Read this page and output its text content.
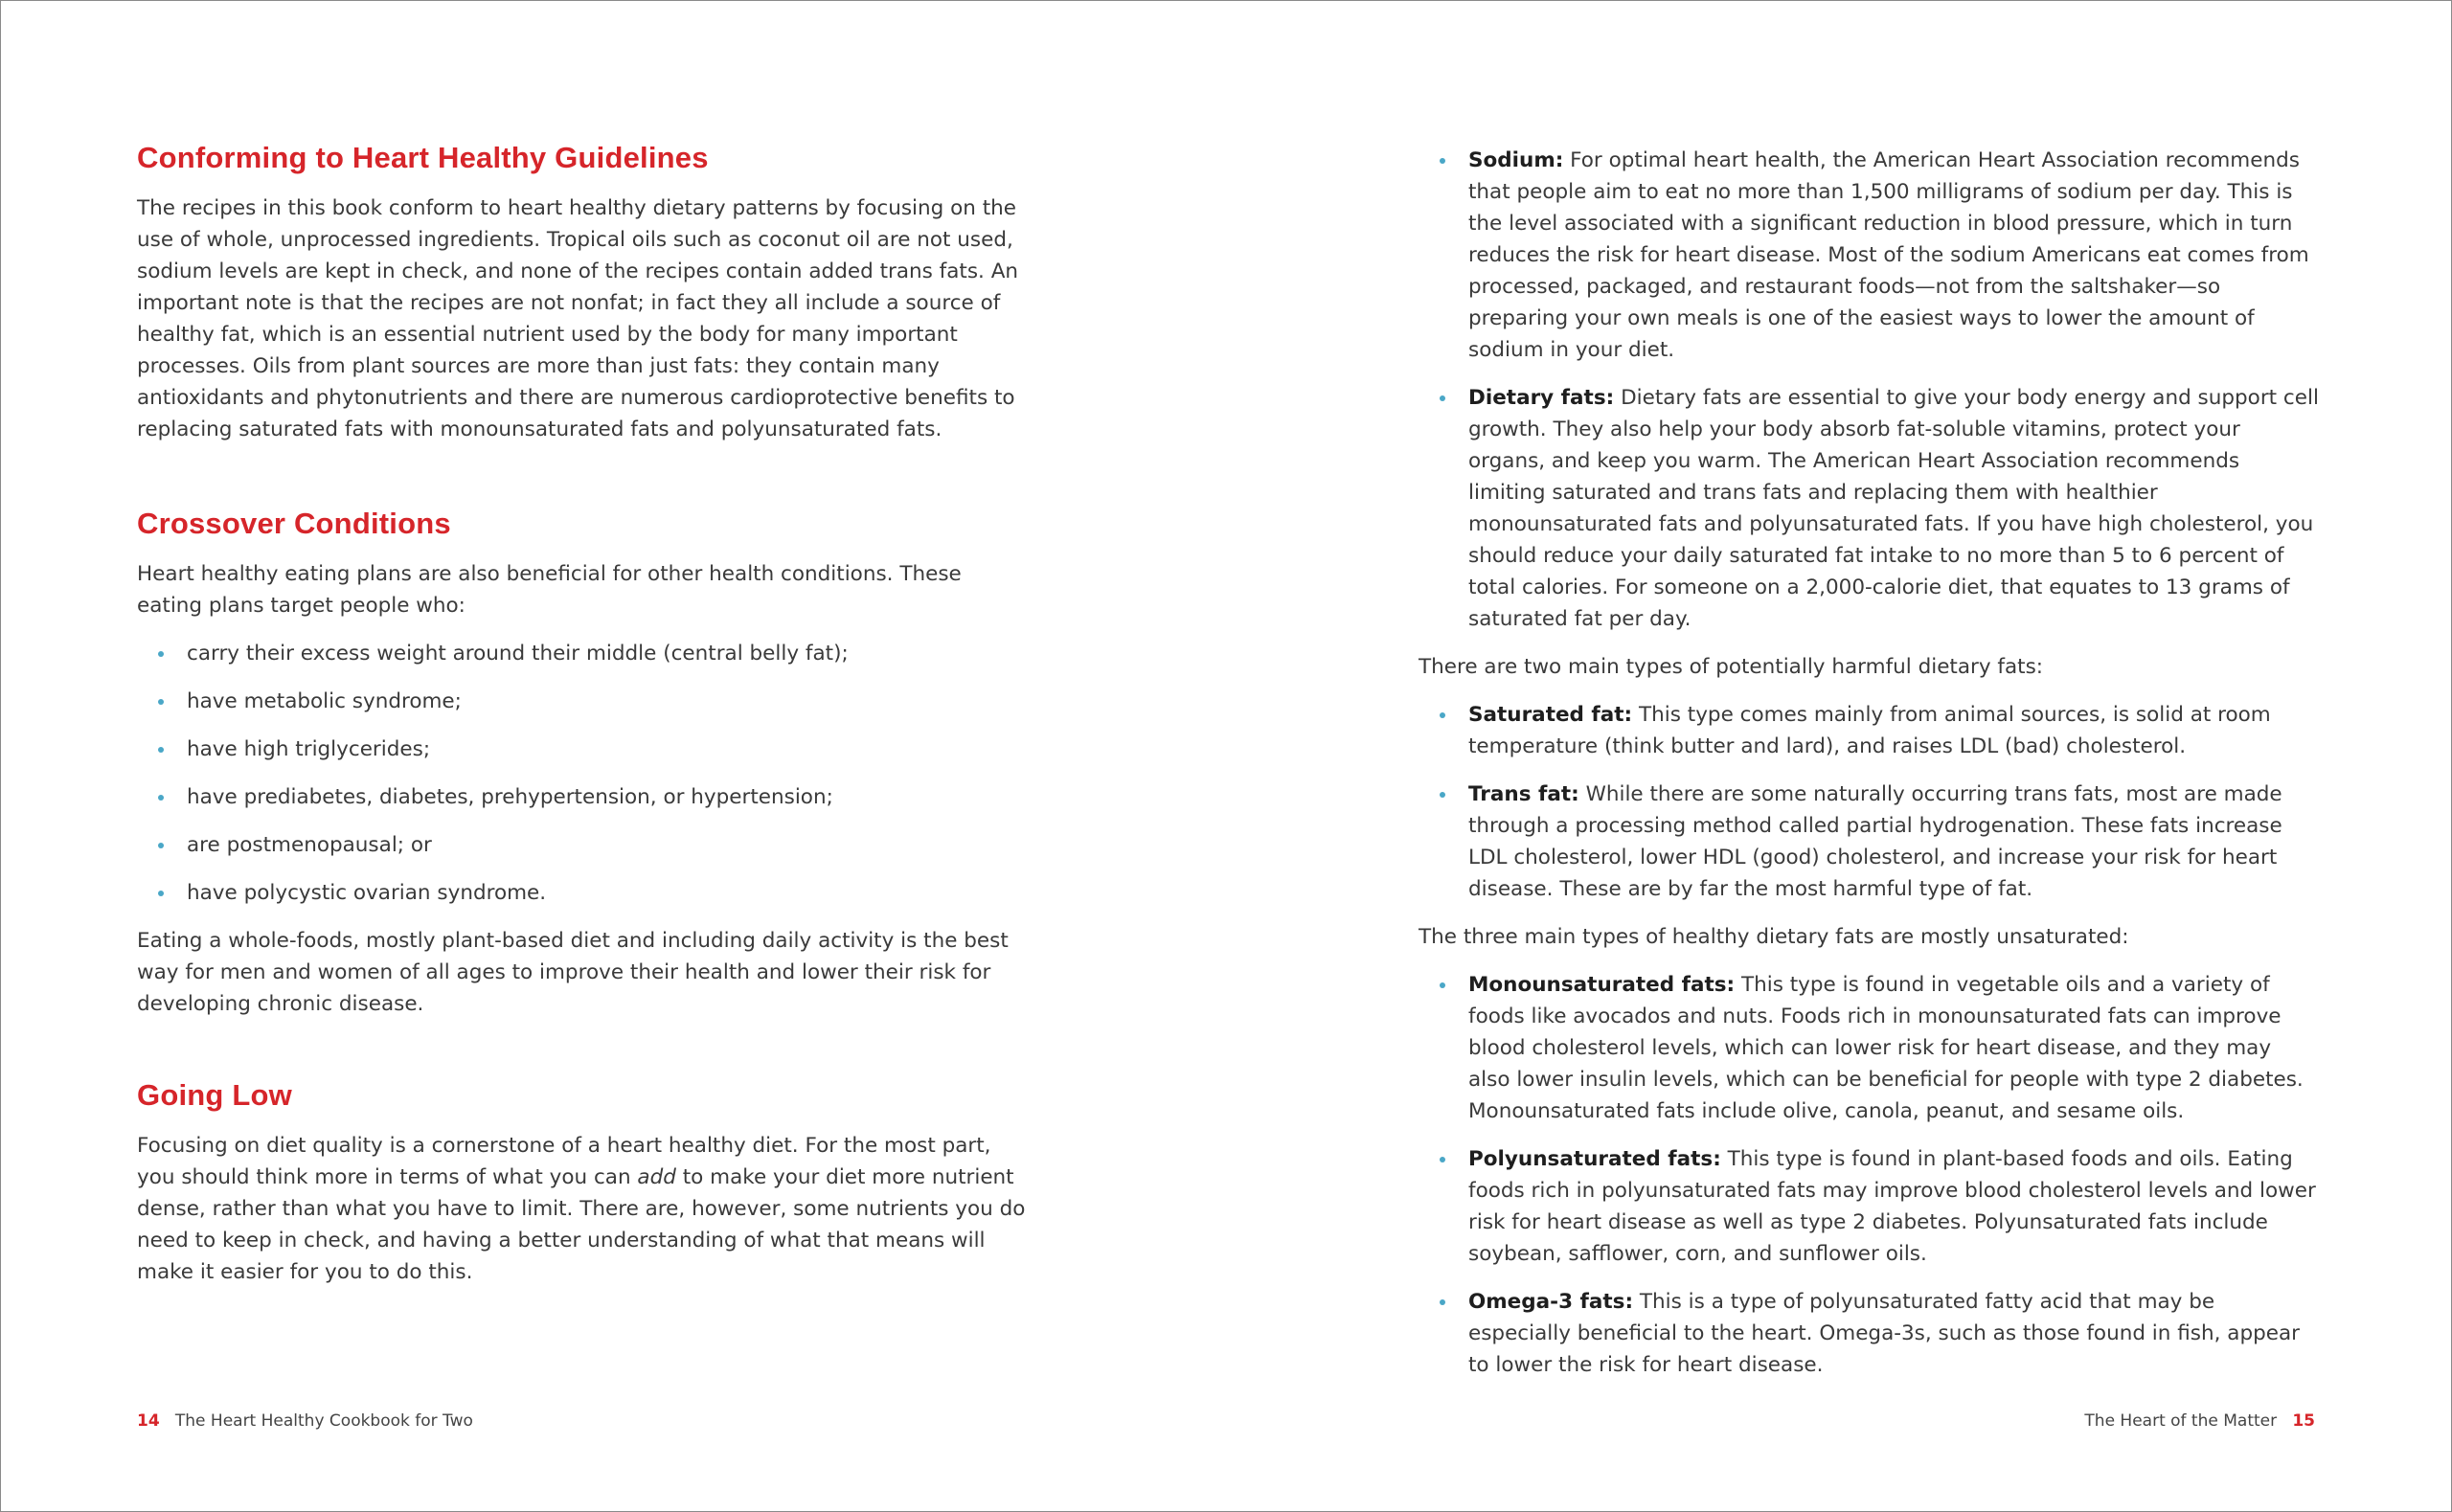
Conforming to Heart Healthy Guidelines

The recipes in this book conform to heart healthy dietary patterns by focusing on the use of whole, unprocessed ingredients. Tropical oils such as coconut oil are not used, sodium levels are kept in check, and none of the recipes contain added trans fats. An important note is that the recipes are not nonfat; in fact they all include a source of healthy fat, which is an essential nutrient used by the body for many important processes. Oils from plant sources are more than just fats: they contain many antioxidants and phytonutrients and there are numerous cardioprotective benefits to replacing saturated fats with monounsaturated fats and polyunsaturated fats.

Crossover Conditions

Heart healthy eating plans are also beneficial for other health conditions. These eating plans target people who:

carry their excess weight around their middle (central belly fat);
have metabolic syndrome;
have high triglycerides;
have prediabetes, diabetes, prehypertension, or hypertension;
are postmenopausal; or
have polycystic ovarian syndrome.

Eating a whole-foods, mostly plant-based diet and including daily activity is the best way for men and women of all ages to improve their health and lower their risk for developing chronic disease.

Going Low

Focusing on diet quality is a cornerstone of a heart healthy diet. For the most part, you should think more in terms of what you can add to make your diet more nutrient dense, rather than what you have to limit. There are, however, some nutrients you do need to keep in check, and having a better understanding of what that means will make it easier for you to do this.

Sodium: For optimal heart health, the American Heart Association recommends that people aim to eat no more than 1,500 milligrams of sodium per day. This is the level associated with a significant reduction in blood pressure, which in turn reduces the risk for heart disease. Most of the sodium Americans eat comes from processed, packaged, and restaurant foods—not from the saltshaker—so preparing your own meals is one of the easiest ways to lower the amount of sodium in your diet.
Dietary fats: Dietary fats are essential to give your body energy and support cell growth. They also help your body absorb fat-soluble vitamins, protect your organs, and keep you warm. The American Heart Association recommends limiting saturated and trans fats and replacing them with healthier monounsaturated fats and polyunsaturated fats. If you have high cholesterol, you should reduce your daily saturated fat intake to no more than 5 to 6 percent of total calories. For someone on a 2,000-calorie diet, that equates to 13 grams of saturated fat per day.

There are two main types of potentially harmful dietary fats:

Saturated fat: This type comes mainly from animal sources, is solid at room temperature (think butter and lard), and raises LDL (bad) cholesterol.
Trans fat: While there are some naturally occurring trans fats, most are made through a processing method called partial hydrogenation. These fats increase LDL cholesterol, lower HDL (good) cholesterol, and increase your risk for heart disease. These are by far the most harmful type of fat.

The three main types of healthy dietary fats are mostly unsaturated:

Monounsaturated fats: This type is found in vegetable oils and a variety of foods like avocados and nuts. Foods rich in monounsaturated fats can improve blood cholesterol levels, which can lower risk for heart disease, and they may also lower insulin levels, which can be beneficial for people with type 2 diabetes. Monounsaturated fats include olive, canola, peanut, and sesame oils.
Polyunsaturated fats: This type is found in plant-based foods and oils. Eating foods rich in polyunsaturated fats may improve blood cholesterol levels and lower risk for heart disease as well as type 2 diabetes. Polyunsaturated fats include soybean, safflower, corn, and sunflower oils.
Omega-3 fats: This is a type of polyunsaturated fatty acid that may be especially beneficial to the heart. Omega-3s, such as those found in fish, appear to lower the risk for heart disease.
14 The Heart Healthy Cookbook for Two	The Heart of the Matter 15
